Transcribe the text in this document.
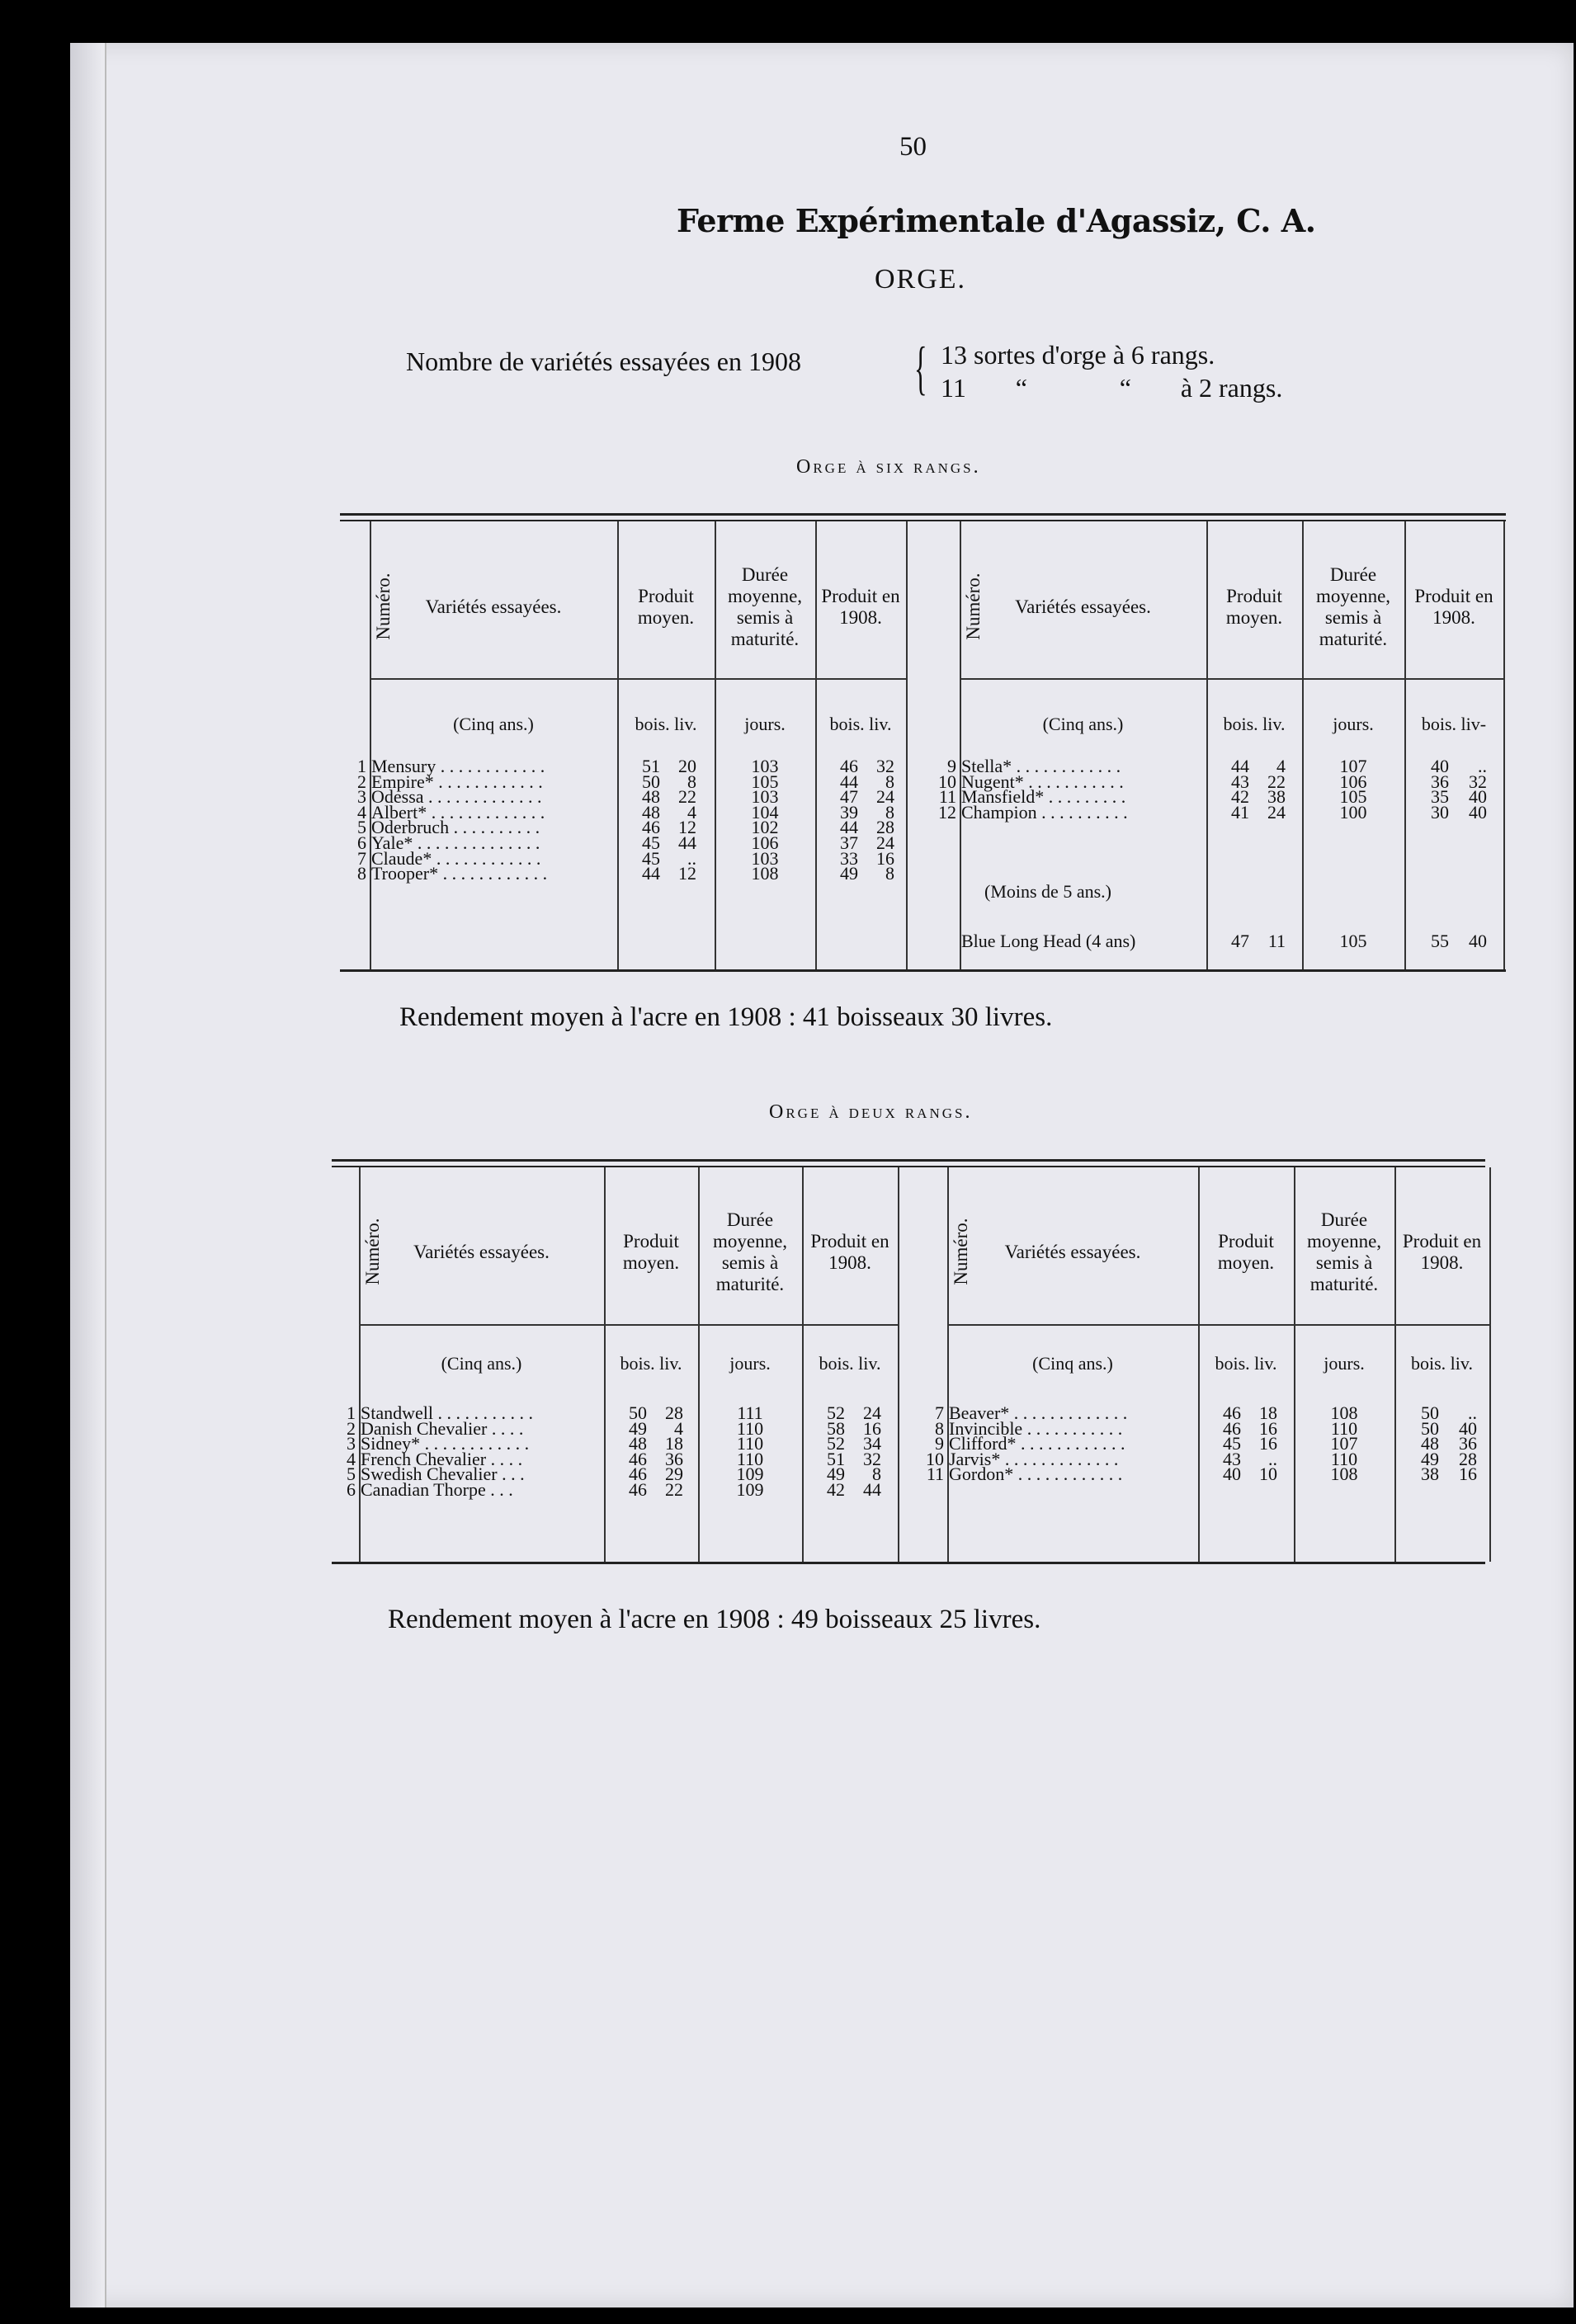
50
Ferme Expérimentale d'Agassiz, C. A.
ORGE.
Nombre de variétés essayées en 1908 { 13 sortes d'orge à 6 rangs.
11 “	“ à 2 rangs.
Orge à six rangs.
Variétés essayées.
Produit moyen.
Durée moyenne, semis à maturité.
Produit en 1908.
Numéro.
(Cinq ans.)	bois. liv.	jours.	bois. liv.
1 Mensury . . . . . . . . . . . .	51	20	103	46	32
2 Empire* . . . . . . . . . . . .	50	8	105	44	8
3 Odessa . . . . . . . . . . . . .	48	22	103	47	24
4 Albert* . . . . . . . . . . . . .	48	4	104	39	8
5 Oderbruch . . . . . . . . . .	46	12	102	44	28
6 Yale* . . . . . . . . . . . . . .	45	44	106	37	24
7 Claude* . . . . . . . . . . . .	45	..	103	33	16
8 Trooper* . . . . . . . . . . . .	44	12	108	49	8
Variétés essayées.
Produit moyen.
Durée moyenne, semis à maturité.
Produit en 1908.
Numéro.
(Cinq ans.)	bois. liv.	jours.	bois. liv-
9 Stella* . . . . . . . . . . . .	44	4	107	40	..
10 Nugent* . . . . . . . . . . .	43	22	106	36	32
11 Mansfield* . . . . . . . . .	42	38	105	35	40
12 Champion . . . . . . . . . .	41	24	100	30	40
(Moins de 5 ans.)
Blue Long Head (4 ans)	47	11	105	55	40
Rendement moyen à l'acre en 1908 : 41 boisseaux 30 livres.
Orge à deux rangs.
Variétés essayées.
Produit moyen.
Durée moyenne, semis à maturité.
Produit en 1908.
Numéro.
(Cinq ans.)	bois. liv.	jours.	bois. liv.
1 Standwell . . . . . . . . . . .	50	28	111	52	24
2 Danish Chevalier . . . .	49	4	110	58	16
3 Sidney* . . . . . . . . . . . .	48	18	110	52	34
4 French Chevalier . . . .	46	36	110	51	32
5 Swedish Chevalier . . .	46	29	109	49	8
6 Canadian Thorpe . . .	46	22	109	42	44
Variétés essayées.
Produit moyen.
Durée moyenne, semis à maturité.
Produit en 1908.
Numéro.
(Cinq ans.)	bois. liv.	jours.	bois. liv.
7 Beaver* . . . . . . . . . . . . .	46	18	108	50	..
8 Invincible . . . . . . . . . . .	46	16	110	50	40
9 Clifford* . . . . . . . . . . . .	45	16	107	48	36
10 Jarvis* . . . . . . . . . . . . .	43	..	110	49	28
11 Gordon* . . . . . . . . . . . .	40	10	108	38	16
Rendement moyen à l'acre en 1908 : 49 boisseaux 25 livres.
